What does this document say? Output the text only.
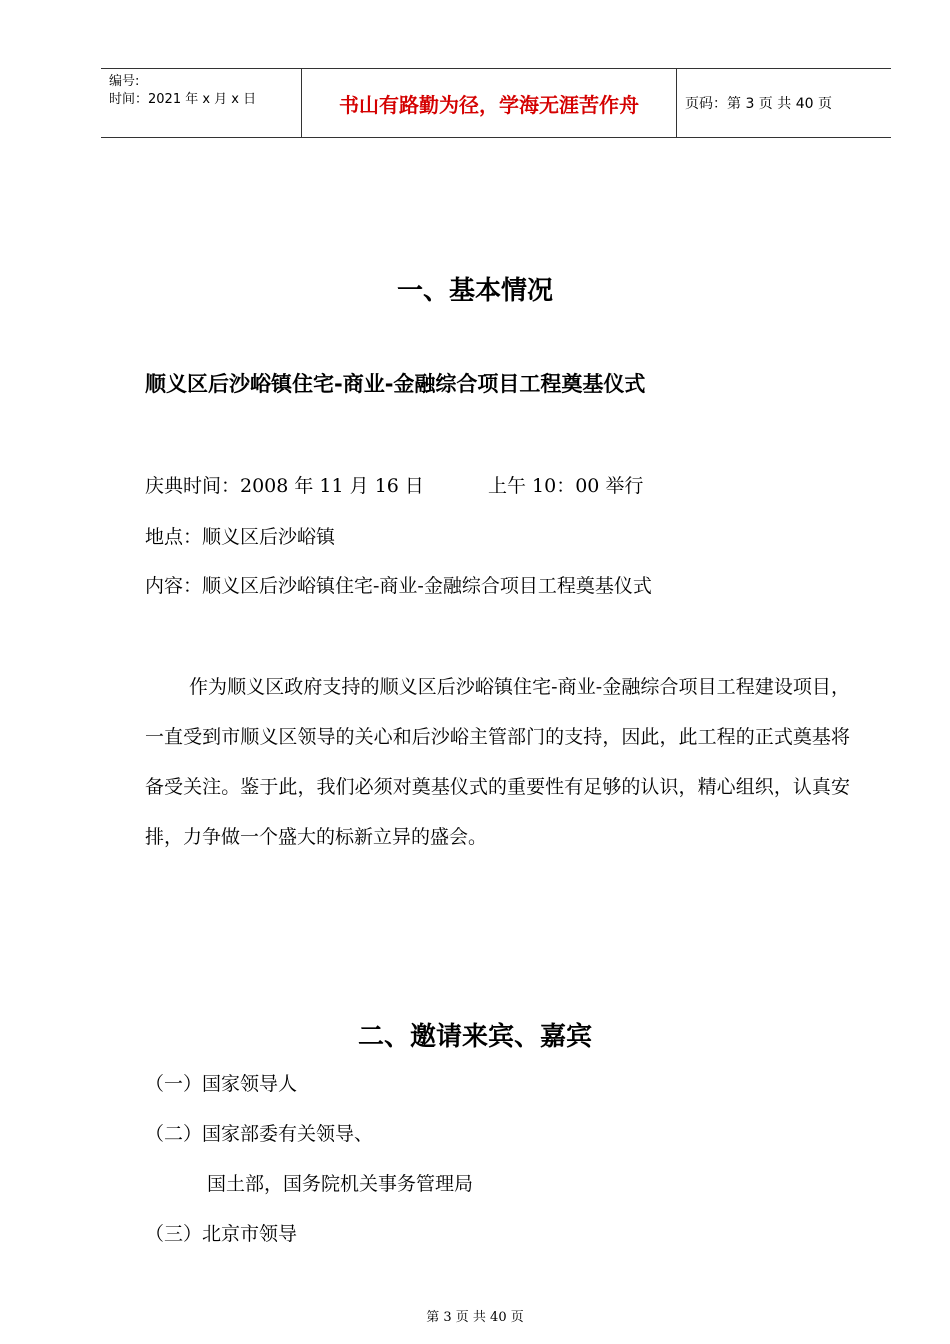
编号:
时间：2021 年 x 月 x 日	书山有路勤为径，学海无涯苦作舟	页码：第 3 页 共 40 页
一、基本情况
顺义区后沙峪镇住宅-商业-金融综合项目工程奠基仪式
庆典时间：2008 年 11 月 16 日	上午 10：00 举行
地点：顺义区后沙峪镇
内容：顺义区后沙峪镇住宅-商业-金融综合项目工程奠基仪式
作为顺义区政府支持的顺义区后沙峪镇住宅-商业-金融综合项目工程建设项目，一直受到市顺义区领导的关心和后沙峪主管部门的支持，因此，此工程的正式奠基将备受关注。鉴于此，我们必须对奠基仪式的重要性有足够的认识，精心组织，认真安排，力争做一个盛大的标新立异的盛会。
二、邀请来宾、嘉宾
（一）国家领导人
（二）国家部委有关领导、
国土部，国务院机关事务管理局
（三）北京市领导
第 3 页 共 40 页
